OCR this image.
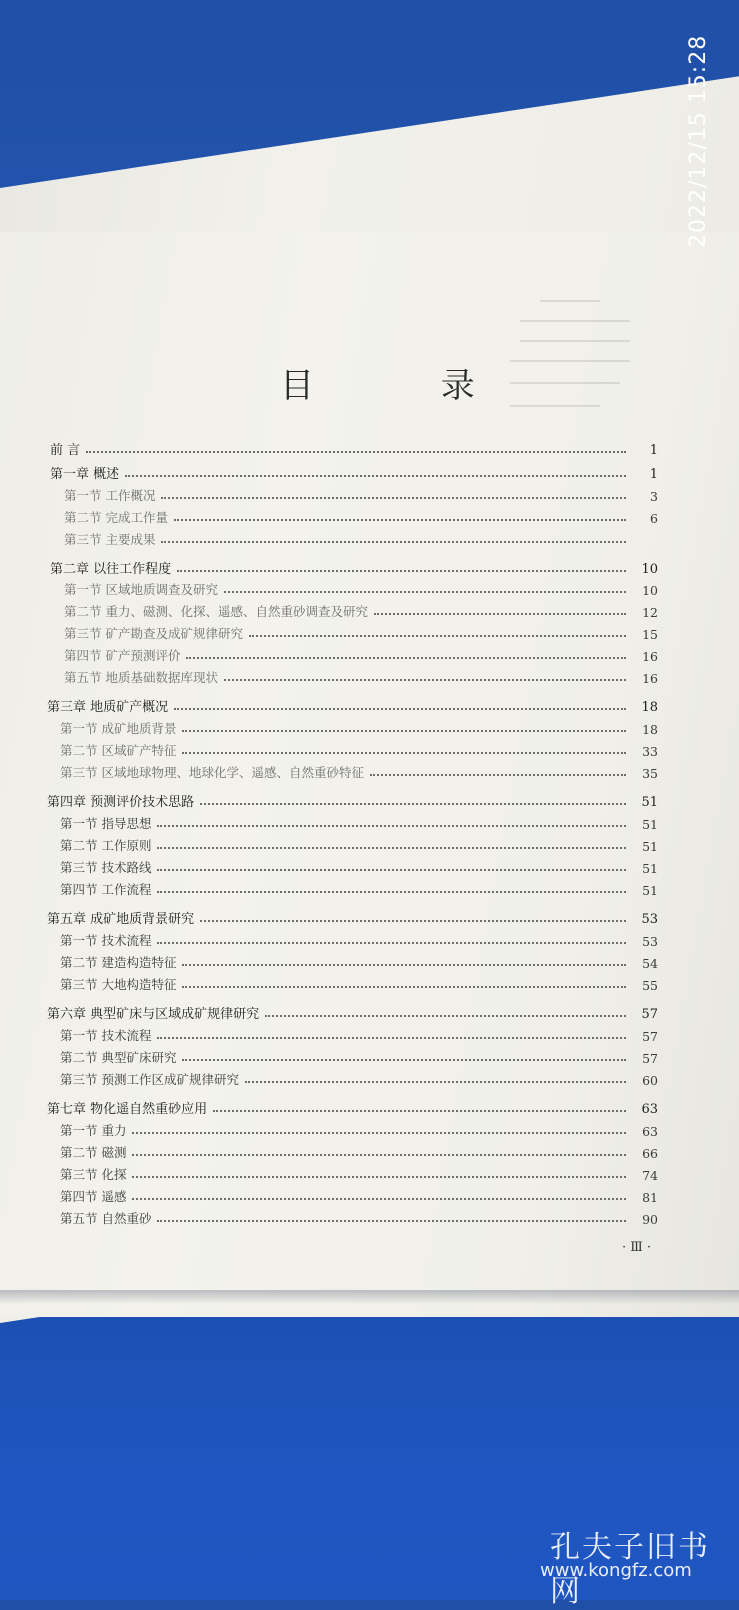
目 录
前 言	1
第一章 概述	1
第一节 工作概况	3
第二节 完成工作量	6
第三节 主要成果
第二章 以往工作程度	10
第一节 区域地质调查及研究	10
第二节 重力、磁测、化探、遥感、自然重砂调查及研究	12
第三节 矿产勘查及成矿规律研究	15
第四节 矿产预测评价	16
第五节 地质基础数据库现状	16
第三章 地质矿产概况	18
第一节 成矿地质背景	18
第二节 区域矿产特征	33
第三节 区域地球物理、地球化学、遥感、自然重砂特征	35
第四章 预测评价技术思路	51
第一节 指导思想	51
第二节 工作原则	51
第三节 技术路线	51
第四节 工作流程	51
第五章 成矿地质背景研究	53
第一节 技术流程	53
第二节 建造构造特征	54
第三节 大地构造特征	55
第六章 典型矿床与区域成矿规律研究	57
第一节 技术流程	57
第二节 典型矿床研究	57
第三节 预测工作区成矿规律研究	60
第七章 物化遥自然重砂应用	63
第一节 重力	63
第二节 磁测	66
第三节 化探	74
第四节 遥感	81
第五节 自然重砂	90
· Ⅲ ·
2022/12/15 15:28
孔夫子旧书网
www.kongfz.com
